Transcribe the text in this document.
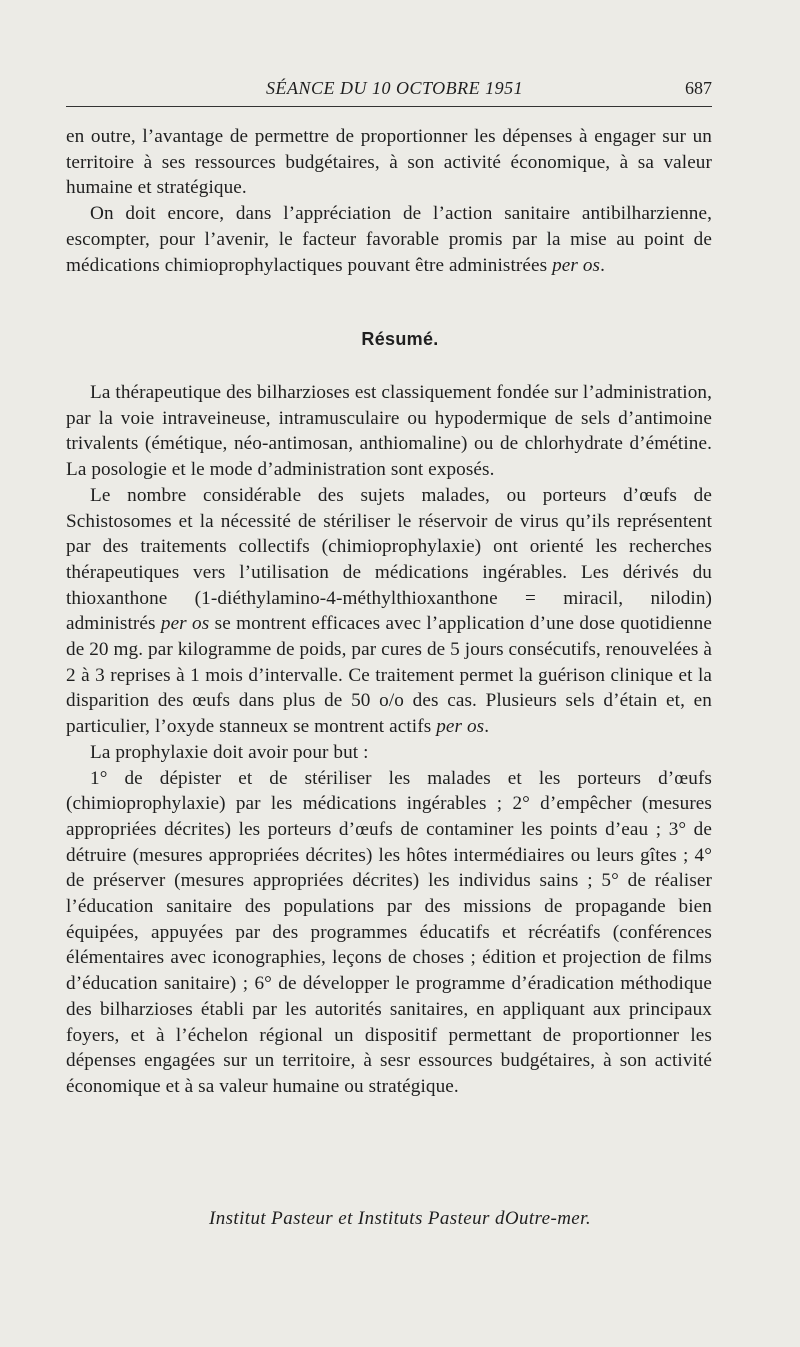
SÉANCE DU 10 OCTOBRE 1951	687

en outre, l’avantage de permettre de proportionner les dépenses à engager sur un territoire à ses ressources budgétaires, à son activité économique, à sa valeur humaine et stratégique.

On doit encore, dans l’appréciation de l’action sanitaire antibilharzienne, escompter, pour l’avenir, le facteur favorable promis par la mise au point de médications chimioprophylactiques pouvant être administrées per os.

Résumé.

La thérapeutique des bilharzioses est classiquement fondée sur l’administration, par la voie intraveineuse, intramusculaire ou hypodermique de sels d’antimoine trivalents (émétique, néo-antimosan, anthiomaline) ou de chlorhydrate d’émétine. La posologie et le mode d’administration sont exposés.

Le nombre considérable des sujets malades, ou porteurs d’œufs de Schistosomes et la nécessité de stériliser le réservoir de virus qu’ils représentent par des traitements collectifs (chimioprophylaxie) ont orienté les recherches thérapeutiques vers l’utilisation de médications ingérables. Les dérivés du thioxanthone (1-diéthylamino-4-méthylthioxanthone = miracil, nilodin) administrés per os se montrent efficaces avec l’application d’une dose quotidienne de 20 mg. par kilogramme de poids, par cures de 5 jours consécutifs, renouvelées à 2 à 3 reprises à 1 mois d’intervalle. Ce traitement permet la guérison clinique et la disparition des œufs dans plus de 50 o/o des cas. Plusieurs sels d’étain et, en particulier, l’oxyde stanneux se montrent actifs per os.

La prophylaxie doit avoir pour but :

1° de dépister et de stériliser les malades et les porteurs d’œufs (chimioprophylaxie) par les médications ingérables ; 2° d’empêcher (mesures appropriées décrites) les porteurs d’œufs de contaminer les points d’eau ; 3° de détruire (mesures appropriées décrites) les hôtes intermédiaires ou leurs gîtes ; 4° de préserver (mesures appropriées décrites) les individus sains ; 5° de réaliser l’éducation sanitaire des populations par des missions de propagande bien équipées, appuyées par des programmes éducatifs et récréatifs (conférences élémentaires avec iconographies, leçons de choses ; édition et projection de films d’éducation sanitaire) ; 6° de développer le programme d’éradication méthodique des bilharzioses établi par les autorités sanitaires, en appliquant aux principaux foyers, et à l’échelon régional un dispositif permettant de proportionner les dépenses engagées sur un territoire, à sesr essources budgétaires, à son activité économique et à sa valeur humaine ou stratégique.

Institut Pasteur et Instituts Pasteur dOutre-mer.
